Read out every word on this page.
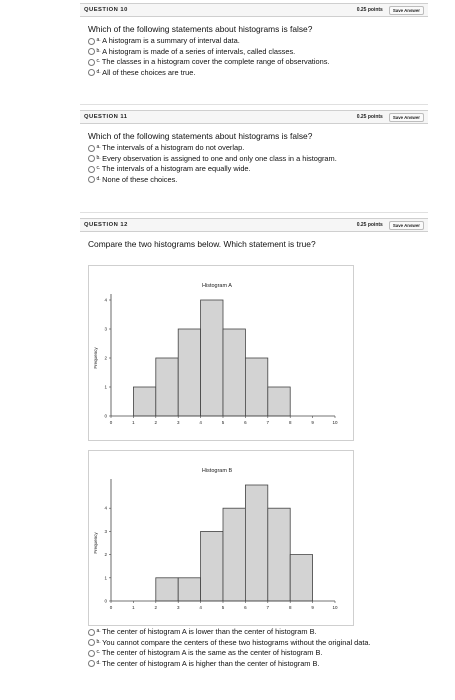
QUESTION 10	0.25 points	Save Answer
Which of the following statements about histograms is false?
a. A histogram is a summary of interval data.
b. A histogram is made of a series of intervals, called classes.
c. The classes in a histogram cover the complete range of observations.
d. All of these choices are true.
QUESTION 11	0.25 points	Save Answer
Which of the following statements about histograms is false?
a. The intervals of a histogram do not overlap.
b. Every observation is assigned to one and only one class in a histogram.
c. The intervals of a histogram are equally wide.
d. None of these choices.
QUESTION 12	0.25 points	Save Answer
Compare the two histograms below. Which statement is true?
Histogram A
Frequency
0	1	2	3	4	5	6	7	8	9	10
0
1
2
3
4
Histogram B
Frequency
0	1	2	3	4	5	6	7	8	9	10
0
1
2
3
4
a. The center of histogram A is lower than the center of histogram B.
b. You cannot compare the centers of these two histograms without the original data.
c. The center of histogram A is the same as the center of histogram B.
d. The center of histogram A is higher than the center of histogram B.
